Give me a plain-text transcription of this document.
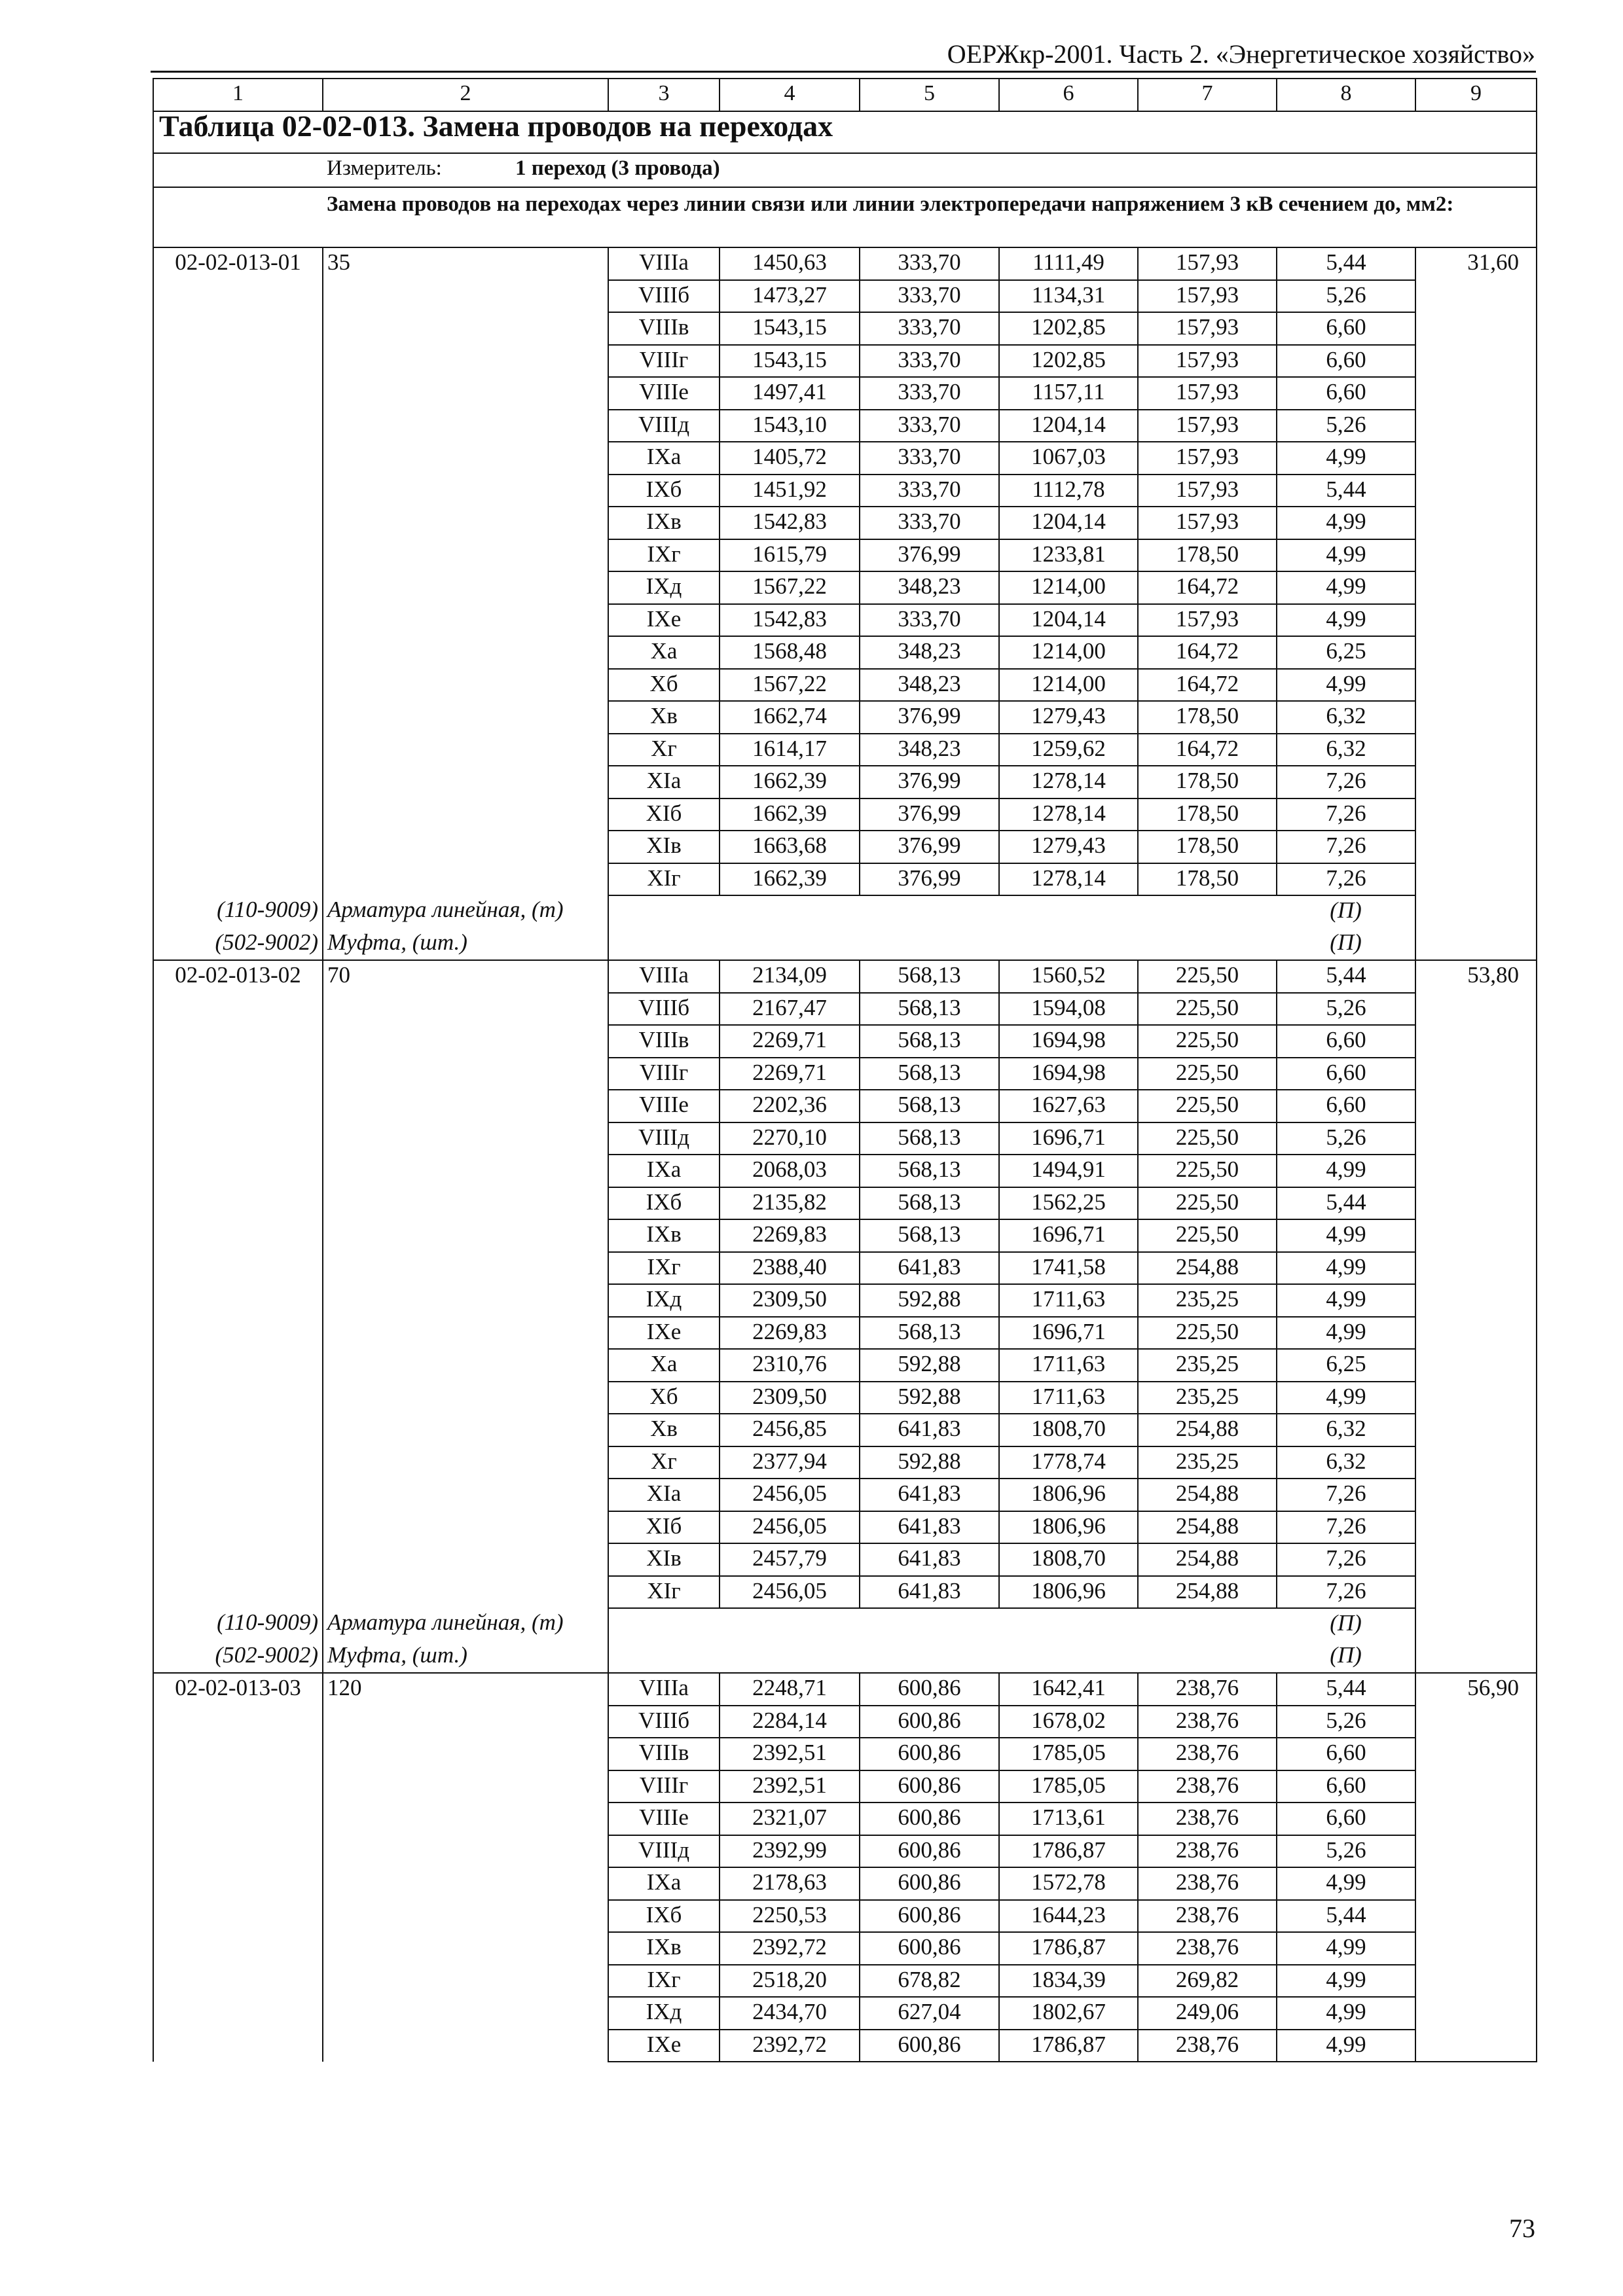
ОЕРЖкр-2001. Часть 2. «Энергетическое хозяйство»
1	2	3	4	5	6	7	8	9
Таблица 02-02-013. Замена проводов на переходах								
	Измеритель: 1 переход (3 провода)							
	Замена проводов на переходах через линии связи или линии электропередачи напряжением 3 кВ сечением до, мм2:							
02-02-013-01	35	VIIIа	1450,63	333,70	1111,49	157,93	5,44	31,60
		VIIIб	1473,27	333,70	1134,31	157,93	5,26	
		VIIIв	1543,15	333,70	1202,85	157,93	6,60	
		VIIIг	1543,15	333,70	1202,85	157,93	6,60	
		VIIIе	1497,41	333,70	1157,11	157,93	6,60	
		VIIIд	1543,10	333,70	1204,14	157,93	5,26	
		IXа	1405,72	333,70	1067,03	157,93	4,99	
		IXб	1451,92	333,70	1112,78	157,93	5,44	
		IXв	1542,83	333,70	1204,14	157,93	4,99	
		IXг	1615,79	376,99	1233,81	178,50	4,99	
		IXд	1567,22	348,23	1214,00	164,72	4,99	
		IXе	1542,83	333,70	1204,14	157,93	4,99	
		Xа	1568,48	348,23	1214,00	164,72	6,25	
		Xб	1567,22	348,23	1214,00	164,72	4,99	
		Xв	1662,74	376,99	1279,43	178,50	6,32	
		Xг	1614,17	348,23	1259,62	164,72	6,32	
		XIа	1662,39	376,99	1278,14	178,50	7,26	
		XIб	1662,39	376,99	1278,14	178,50	7,26	
		XIв	1663,68	376,99	1279,43	178,50	7,26	
		XIг	1662,39	376,99	1278,14	178,50	7,26	
(110-9009)	Арматура линейная, (т)						(П)	
(502-9002)	Муфта, (шт.)						(П)	
02-02-013-02	70	VIIIа	2134,09	568,13	1560,52	225,50	5,44	53,80
		VIIIб	2167,47	568,13	1594,08	225,50	5,26	
		VIIIв	2269,71	568,13	1694,98	225,50	6,60	
		VIIIг	2269,71	568,13	1694,98	225,50	6,60	
		VIIIе	2202,36	568,13	1627,63	225,50	6,60	
		VIIIд	2270,10	568,13	1696,71	225,50	5,26	
		IXа	2068,03	568,13	1494,91	225,50	4,99	
		IXб	2135,82	568,13	1562,25	225,50	5,44	
		IXв	2269,83	568,13	1696,71	225,50	4,99	
		IXг	2388,40	641,83	1741,58	254,88	4,99	
		IXд	2309,50	592,88	1711,63	235,25	4,99	
		IXе	2269,83	568,13	1696,71	225,50	4,99	
		Xа	2310,76	592,88	1711,63	235,25	6,25	
		Xб	2309,50	592,88	1711,63	235,25	4,99	
		Xв	2456,85	641,83	1808,70	254,88	6,32	
		Xг	2377,94	592,88	1778,74	235,25	6,32	
		XIа	2456,05	641,83	1806,96	254,88	7,26	
		XIб	2456,05	641,83	1806,96	254,88	7,26	
		XIв	2457,79	641,83	1808,70	254,88	7,26	
		XIг	2456,05	641,83	1806,96	254,88	7,26	
(110-9009)	Арматура линейная, (т)						(П)	
(502-9002)	Муфта, (шт.)						(П)	
02-02-013-03	120	VIIIа	2248,71	600,86	1642,41	238,76	5,44	56,90
		VIIIб	2284,14	600,86	1678,02	238,76	5,26	
		VIIIв	2392,51	600,86	1785,05	238,76	6,60	
		VIIIг	2392,51	600,86	1785,05	238,76	6,60	
		VIIIе	2321,07	600,86	1713,61	238,76	6,60	
		VIIIд	2392,99	600,86	1786,87	238,76	5,26	
		IXа	2178,63	600,86	1572,78	238,76	4,99	
		IXб	2250,53	600,86	1644,23	238,76	5,44	
		IXв	2392,72	600,86	1786,87	238,76	4,99	
		IXг	2518,20	678,82	1834,39	269,82	4,99	
		IXд	2434,70	627,04	1802,67	249,06	4,99	
		IXе	2392,72	600,86	1786,87	238,76	4,99	
73
